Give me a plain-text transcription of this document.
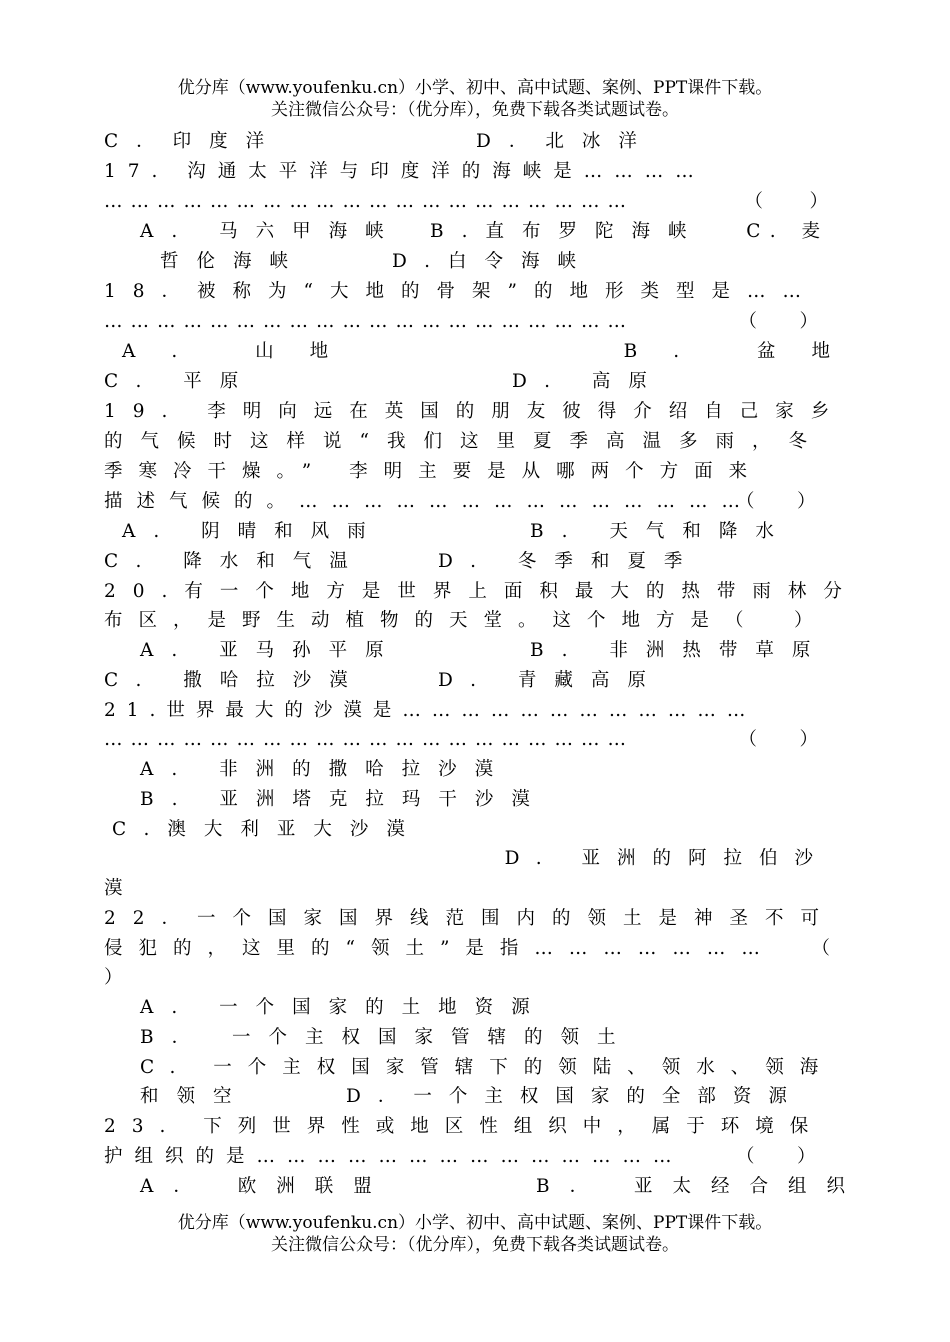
优分库（www.youfenku.cn）小学、初中、高中试题、案例、PPT课件下载。
关注微信公众号：（优分库），免费下载各类试题试卷。
C．印度洋	D．北冰洋
17. 沟通太平洋与印度洋的海峡是…………
……………………………………………………	（　）
A. 马六甲海峡 B.直布罗陀海峡 C. 麦
哲伦海峡	D.白令海峡
18．被称为“大地的骨架”的地形类型是……
……………………………………………………	（　）
A. 山地	B. 盆地
C. 平原	D. 高原
19. 李明向远在英国的朋友彼得介绍自己家乡
的气候时这样说“我们这里夏季高温多雨，冬
季寒冷干燥。” 李明主要是从哪两个方面来
描述气候的。……………………………………
（　）
A. 阴晴和风雨	B. 天气和降水
C. 降水和气温	D. 冬季和夏季
20.有一个地方是世界上面积最大的热带雨林分
布区，是野生动植物的天堂。这个地方是（　）
A. 亚马孙平原	B. 非洲热带草原
C. 撒哈拉沙漠	D. 青藏高原
21.世界最大的沙漠是………………………………
……………………………………………………	（　）
A. 非洲的撒哈拉沙漠
B. 亚洲塔克拉玛干沙漠
C.澳大利亚大沙漠
D. 亚洲的阿拉伯沙
漠
22．一个国家国界线范围内的领土是神圣不可
侵犯的，这里的“领土”是指………………… （
）
A. 一个国家的土地资源
B． 一个主权国家管辖的领土
C. 一个主权国家管辖下的领陆、领水、领海
和领空	D．一个主权国家的全部资源
23. 下列世界性或地区性组织中，属于环境保
护组织的是……………………………………	（　）
A． 欧洲联盟	B． 亚太经合组织
优分库（www.youfenku.cn）小学、初中、高中试题、案例、PPT课件下载。
关注微信公众号：（优分库），免费下载各类试题试卷。
